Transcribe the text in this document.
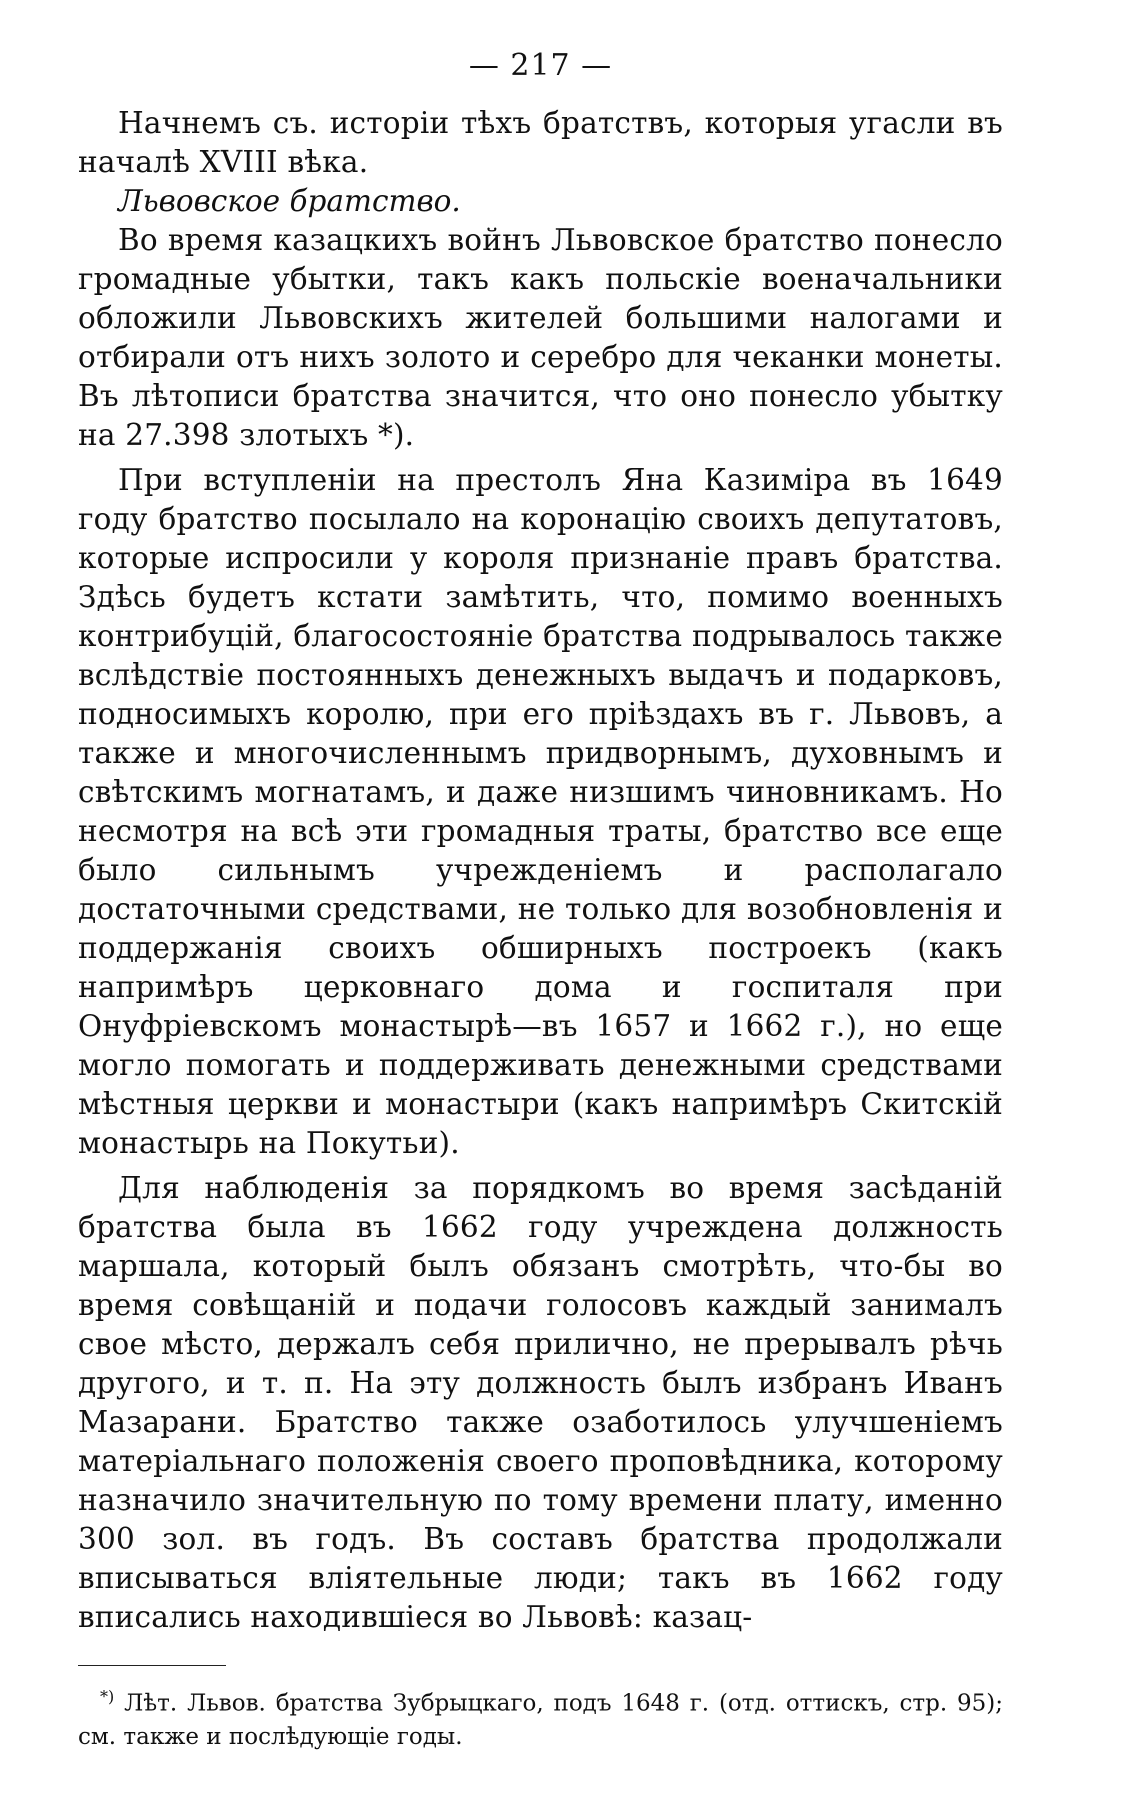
— 217 —

Начнемъ съ. исторіи тѣхъ братствъ, которыя угасли въ началѣ XVIII вѣка.

Львовское братство.

Во время казацкихъ войнъ Львовское братство понесло громадные убытки, такъ какъ польскіе военачальники обложили Львовскихъ жителей большими налогами и отбирали отъ нихъ золото и серебро для чеканки монеты. Въ лѣтописи братства значится, что оно понесло убытку на 27.398 злотыхъ *).

При вступленіи на престолъ Яна Казиміра въ 1649 году братство посылало на коронацію своихъ депутатовъ, которые испросили у короля признаніе правъ братства. Здѣсь будетъ кстати замѣтить, что, помимо военныхъ контрибуцій, благосостояніе братства подрывалось также вслѣдствіе постоянныхъ денежныхъ выдачъ и подарковъ, подносимыхъ королю, при его пріѣздахъ въ г. Львовъ, а также и многочисленнымъ придворнымъ, духовнымъ и свѣтскимъ могнатамъ, и даже низшимъ чиновникамъ. Но несмотря на всѣ эти громадныя траты, братство все еще было сильнымъ учрежденіемъ и располагало достаточными средствами, не только для возобновленія и поддержанія своихъ обширныхъ построекъ (какъ напримѣръ церковнаго дома и госпиталя при Онуфріевскомъ монастырѣ—въ 1657 и 1662 г.), но еще могло помогать и поддерживать денежными средствами мѣстныя церкви и монастыри (какъ напримѣръ Скитскій монастырь на Покутьи).

Для наблюденія за порядкомъ во время засѣданій братства была въ 1662 году учреждена должность маршала, который былъ обязанъ смотрѣть, что-бы во время совѣщаній и подачи голосовъ каждый занималъ свое мѣсто, держалъ себя прилично, не прерывалъ рѣчь другого, и т. п. На эту должность былъ избранъ Иванъ Мазарани. Братство также озаботилось улучшеніемъ матеріальнаго положенія своего проповѣдника, которому назначило значительную по тому времени плату, именно 300 зол. въ годъ. Въ составъ братства продолжали вписываться вліятельные люди; такъ въ 1662 году вписались находившіеся во Львовѣ: казац-

*) Лѣт. Львов. братства Зубрыцкаго, подъ 1648 г. (отд. оттискъ, стр. 95); см. также и послѣдующіе годы.
